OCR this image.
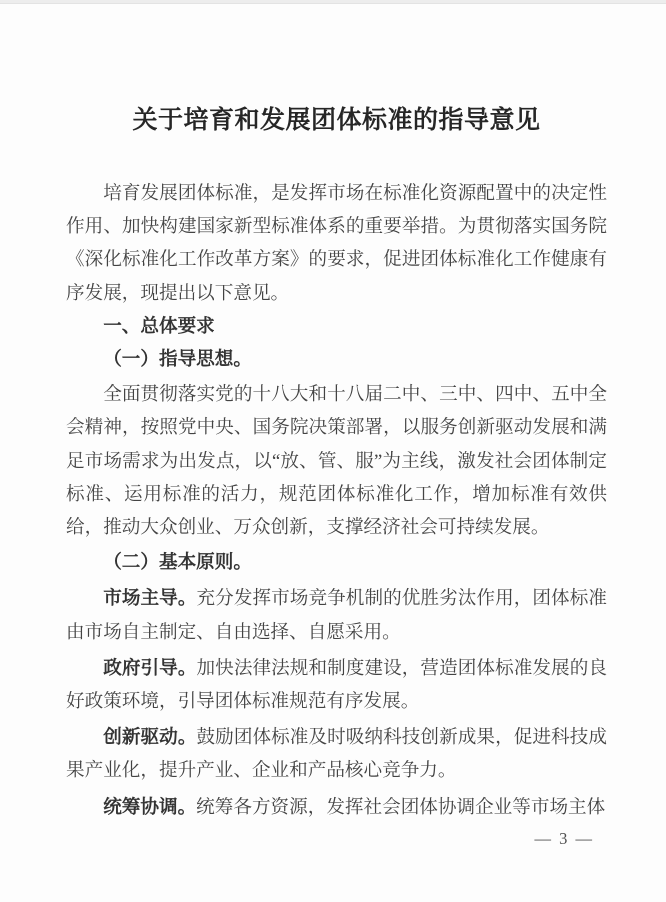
关于培育和发展团体标准的指导意见

培育发展团体标准，是发挥市场在标准化资源配置中的决定性作用、加快构建国家新型标准体系的重要举措。为贯彻落实国务院《深化标准化工作改革方案》的要求，促进团体标准化工作健康有序发展，现提出以下意见。

一、总体要求

（一）指导思想。

全面贯彻落实党的十八大和十八届二中、三中、四中、五中全会精神，按照党中央、国务院决策部署，以服务创新驱动发展和满足市场需求为出发点，以“放、管、服”为主线，激发社会团体制定标准、运用标准的活力，规范团体标准化工作，增加标准有效供给，推动大众创业、万众创新，支撑经济社会可持续发展。

（二）基本原则。

市场主导。充分发挥市场竞争机制的优胜劣汰作用，团体标准由市场自主制定、自由选择、自愿采用。

政府引导。加快法律法规和制度建设，营造团体标准发展的良好政策环境，引导团体标准规范有序发展。

创新驱动。鼓励团体标准及时吸纳科技创新成果，促进科技成果产业化，提升产业、企业和产品核心竞争力。

统筹协调。统筹各方资源，发挥社会团体协调企业等市场主体

— 3 —
